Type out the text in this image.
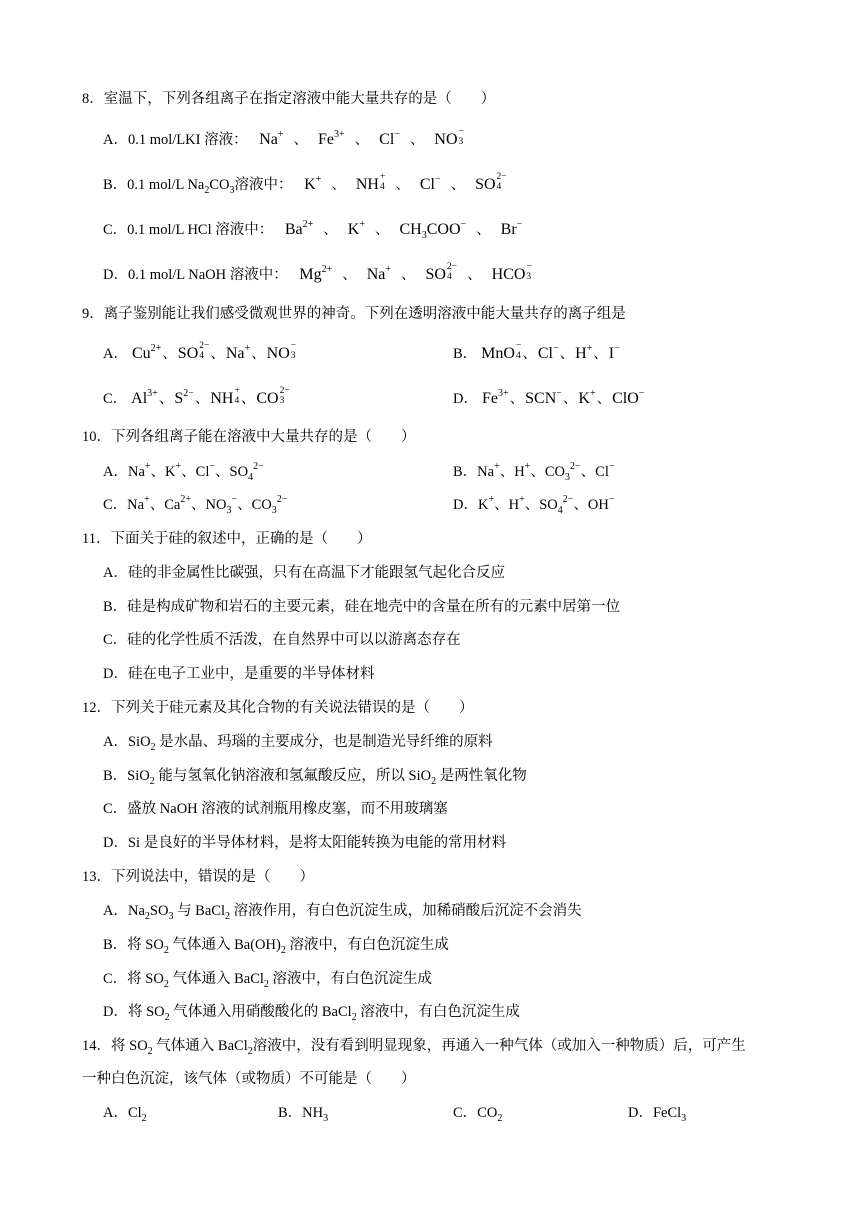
8．室温下，下列各组离子在指定溶液中能大量共存的是（　　）
A．0.1 mol/LKI 溶液：   Na+ 、 $Fe^{3+}$ 、 Cl− 、 NO −
3
B．0.1 mol/L $Na_2CO_3$溶液中：   K+ 、 NH +
4 、 Cl− 、 SO 2−
4
C．0.1 mol/L HCl 溶液中：   $Ba^{2+}$ 、 K+ 、 $CH_3COO^-$ 、 Br−
D．0.1 mol/L NaOH 溶液中：   $Mg^{2+}$ 、 Na+ 、 SO 2−
4	、 HCO −
3
9．离子鉴别能让我们感受微观世界的神奇。下列在透明溶液中能大量共存的离子组是
A． $Cu^{2+}$、SO 2−
4 、Na+、NO −
3	B． MnO −
4 、Cl−、H+、I−
C． $Al^{3+}$、$S^{2-}$、NH +
4 、CO 2−
3	D． $Fe^{3+}$、SCN−、K+、ClO−
10．下列各组离子能在溶液中大量共存的是（　　）
A．Na+、K+、Cl−、$SO_4^{2-}$	B．Na+、H+、$CO_3^{2-}$、Cl−
C．Na+、$Ca^{2+}$、$NO_3^-$、$CO_3^{2-}$	D．K+、H+、$SO_4^{2-}$、OH−
11．下面关于硅的叙述中，正确的是（　　）
A．硅的非金属性比碳强，只有在高温下才能跟氢气起化合反应
B．硅是构成矿物和岩石的主要元素，硅在地壳中的含量在所有的元素中居第一位
C．硅的化学性质不活泼，在自然界中可以以游离态存在
D．硅在电子工业中，是重要的半导体材料
12．下列关于硅元素及其化合物的有关说法错误的是（　　）
A．SiO$_2$ 是水晶、玛瑙的主要成分，也是制造光导纤维的原料
B．SiO$_2$ 能与氢氧化钠溶液和氢氟酸反应，所以 SiO$_2$ 是两性氧化物
C．盛放 NaOH 溶液的试剂瓶用橡皮塞，而不用玻璃塞
D．Si 是良好的半导体材料，是将太阳能转换为电能的常用材料
13．下列说法中，错误的是（　　）
A．$Na_2SO_3$ 与 BaCl$_2$ 溶液作用，有白色沉淀生成，加稀硝酸后沉淀不会消失
B．将 $SO_2$ 气体通入 $Ba(OH)_2$ 溶液中，有白色沉淀生成
C．将 $SO_2$ 气体通入 BaCl$_2$ 溶液中，有白色沉淀生成
D．将 $SO_2$ 气体通入用硝酸酸化的 BaCl$_2$ 溶液中，有白色沉淀生成
14．将 $SO_2$ 气体通入 BaCl$_2$溶液中，没有看到明显现象，再通入一种气体（或加入一种物质）后，可产生
一种白色沉淀，该气体（或物质）不可能是（　　）
A．$Cl_2$	B．$NH_3$	C．$CO_2$	D．FeCl$_3$
